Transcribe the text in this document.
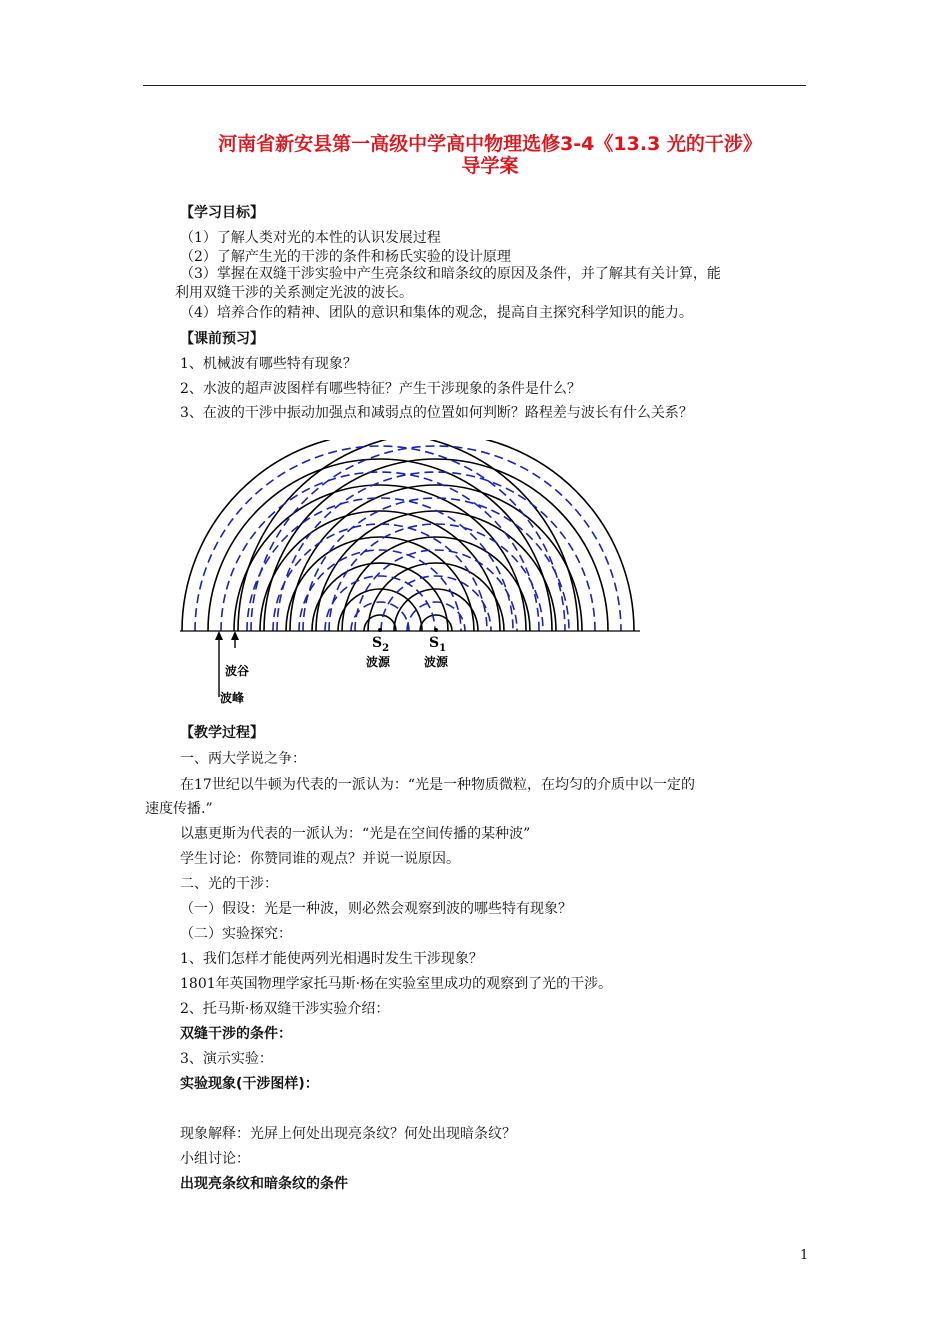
河南省新安县第一高级中学高中物理选修3-4《13.3 光的干涉》
导学案
【学习目标】
（1）了解人类对光的本性的认识发展过程
（2）了解产生光的干涉的条件和杨氏实验的设计原理
（3）掌握在双缝干涉实验中产生亮条纹和暗条纹的原因及条件，并了解其有关计算，能
利用双缝干涉的关系测定光波的波长。
（4）培养合作的精神、团队的意识和集体的观念，提高自主探究科学知识的能力。
【课前预习】
1、机械波有哪些特有现象？
2、水波的超声波图样有哪些特征？产生干涉现象的条件是什么？
3、在波的干涉中振动加强点和减弱点的位置如何判断？路程差与波长有什么关系？
$S_2$	$S_1$
波源	波源
波谷
波峰
【教学过程】
一、两大学说之争：
在17世纪以牛顿为代表的一派认为：“光是一种物质微粒，在均匀的介质中以一定的
速度传播.”
以惠更斯为代表的一派认为：“光是在空间传播的某种波”
学生讨论：你赞同谁的观点？并说一说原因。
二、光的干涉：
（一）假设：光是一种波，则必然会观察到波的哪些特有现象？
（二）实验探究：
1、我们怎样才能使两列光相遇时发生干涉现象？
1801年英国物理学家托马斯·杨在实验室里成功的观察到了光的干涉。
2、托马斯·杨双缝干涉实验介绍：
双缝干涉的条件：
3、演示实验：
实验现象(干涉图样)：
现象解释：光屏上何处出现亮条纹？何处出现暗条纹？
小组讨论：
出现亮条纹和暗条纹的条件
1
